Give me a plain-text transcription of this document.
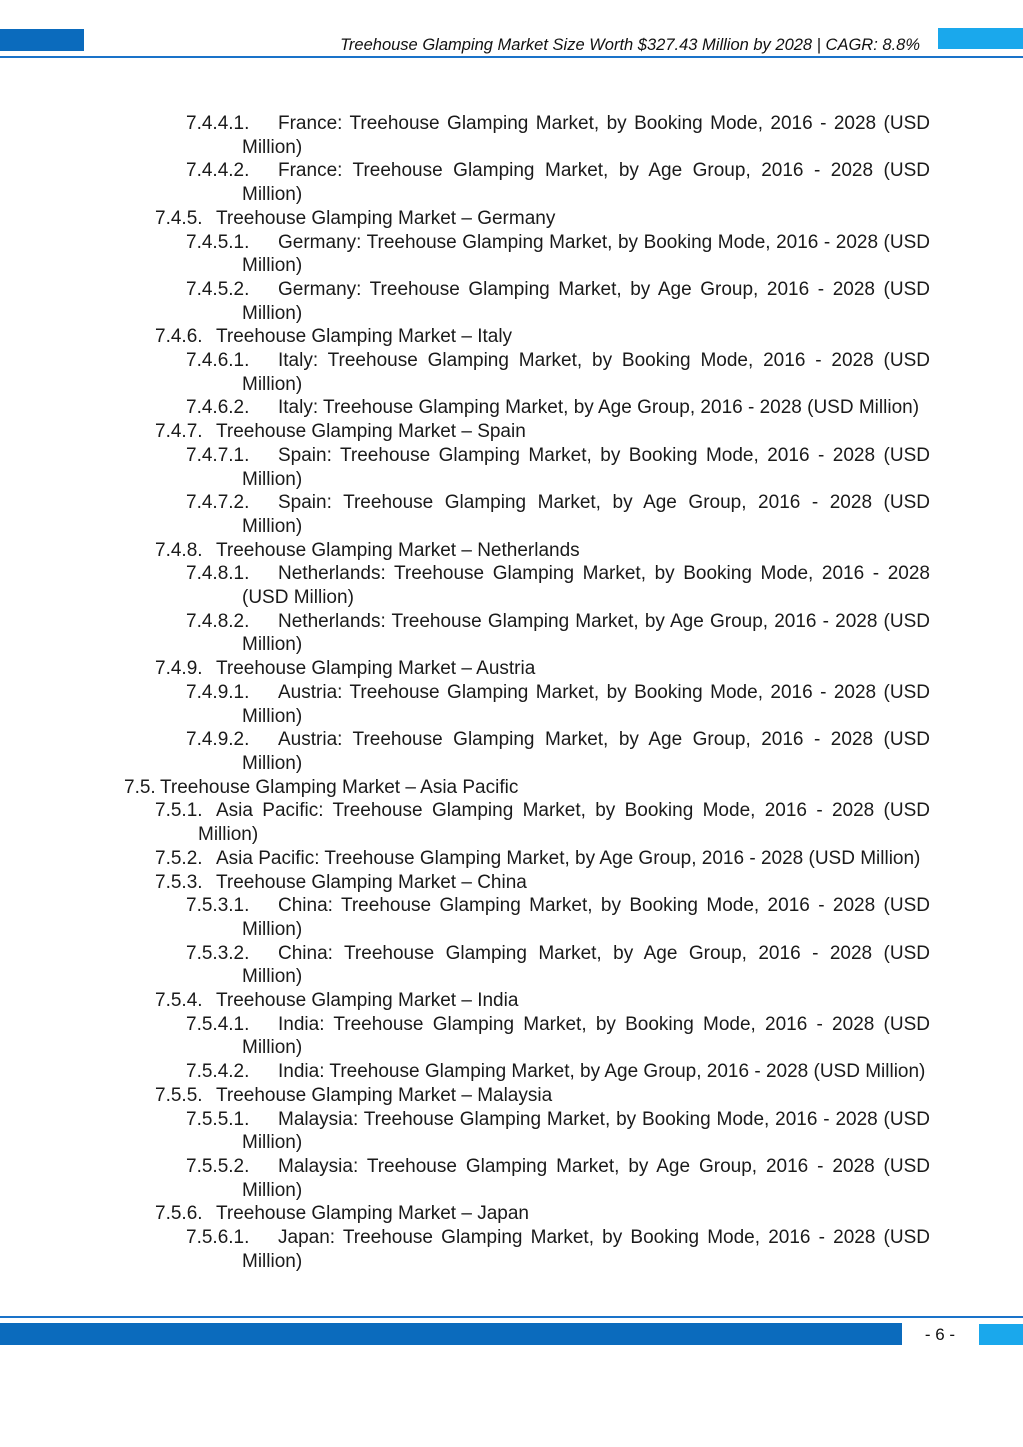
Treehouse Glamping Market Size Worth $327.43 Million by 2028 | CAGR: 8.8%
7.4.4.1.	France: Treehouse Glamping Market, by Booking Mode, 2016 - 2028 (USD Million)
7.4.4.2.	France: Treehouse Glamping Market, by Age Group, 2016 - 2028 (USD Million)
7.4.5. Treehouse Glamping Market – Germany
7.4.5.1.	Germany: Treehouse Glamping Market, by Booking Mode, 2016 - 2028 (USD Million)
7.4.5.2.	Germany: Treehouse Glamping Market, by Age Group, 2016 - 2028 (USD Million)
7.4.6. Treehouse Glamping Market – Italy
7.4.6.1.	Italy: Treehouse Glamping Market, by Booking Mode, 2016 - 2028 (USD Million)
7.4.6.2.	Italy: Treehouse Glamping Market, by Age Group, 2016 - 2028 (USD Million)
7.4.7. Treehouse Glamping Market – Spain
7.4.7.1.	Spain: Treehouse Glamping Market, by Booking Mode, 2016 - 2028 (USD Million)
7.4.7.2.	Spain: Treehouse Glamping Market, by Age Group, 2016 - 2028 (USD Million)
7.4.8. Treehouse Glamping Market – Netherlands
7.4.8.1.	Netherlands: Treehouse Glamping Market, by Booking Mode, 2016 - 2028 (USD Million)
7.4.8.2.	Netherlands: Treehouse Glamping Market, by Age Group, 2016 - 2028 (USD Million)
7.4.9. Treehouse Glamping Market – Austria
7.4.9.1.	Austria: Treehouse Glamping Market, by Booking Mode, 2016 - 2028 (USD Million)
7.4.9.2.	Austria: Treehouse Glamping Market, by Age Group, 2016 - 2028 (USD Million)
7.5. Treehouse Glamping Market – Asia Pacific
7.5.1. Asia Pacific: Treehouse Glamping Market, by Booking Mode, 2016 - 2028 (USD Million)
7.5.2. Asia Pacific: Treehouse Glamping Market, by Age Group, 2016 - 2028 (USD Million)
7.5.3. Treehouse Glamping Market – China
7.5.3.1.	China: Treehouse Glamping Market, by Booking Mode, 2016 - 2028 (USD Million)
7.5.3.2.	China: Treehouse Glamping Market, by Age Group, 2016 - 2028 (USD Million)
7.5.4. Treehouse Glamping Market – India
7.5.4.1.	India: Treehouse Glamping Market, by Booking Mode, 2016 - 2028 (USD Million)
7.5.4.2.	India: Treehouse Glamping Market, by Age Group, 2016 - 2028 (USD Million)
7.5.5. Treehouse Glamping Market – Malaysia
7.5.5.1.	Malaysia: Treehouse Glamping Market, by Booking Mode, 2016 - 2028 (USD Million)
7.5.5.2.	Malaysia: Treehouse Glamping Market, by Age Group, 2016 - 2028 (USD Million)
7.5.6. Treehouse Glamping Market – Japan
7.5.6.1.	Japan: Treehouse Glamping Market, by Booking Mode, 2016 - 2028 (USD Million)
- 6 -
